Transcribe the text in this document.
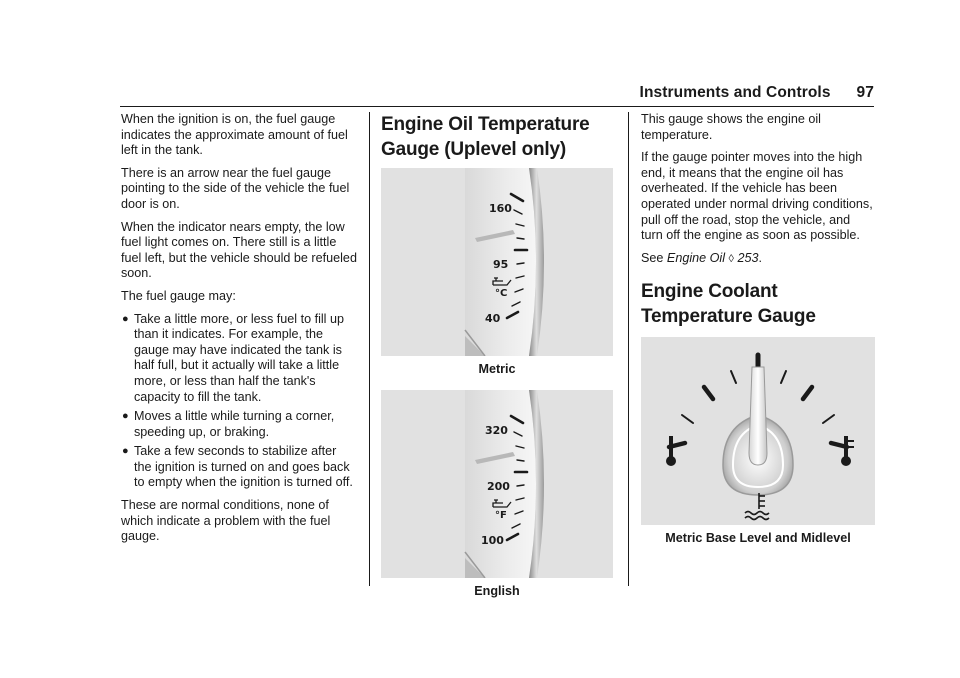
Instruments and Controls 97

When the ignition is on, the fuel gauge indicates the approximate amount of fuel left in the tank.

There is an arrow near the fuel gauge pointing to the side of the vehicle the fuel door is on.

When the indicator nears empty, the low fuel light comes on. There still is a little fuel left, but the vehicle should be refueled soon.

The fuel gauge may:

● Take a little more, or less fuel to fill up than it indicates. For example, the gauge may have indicated the tank is half full, but it actually will take a little more, or less than half the tank's capacity to fill the tank.
● Moves a little while turning a corner, speeding up, or braking.
● Take a few seconds to stabilize after the ignition is turned on and goes back to empty when the ignition is turned off.

These are normal conditions, none of which indicate a problem with the fuel gauge.

Engine Oil Temperature Gauge (Uplevel only)
160
95
40
°C
Metric
320
200
100
°F
English

This gauge shows the engine oil temperature.

If the gauge pointer moves into the high end, it means that the engine oil has overheated. If the vehicle has been operated under normal driving conditions, pull off the road, stop the vehicle, and turn off the engine as soon as possible.

See Engine Oil ◊ 253.

Engine Coolant Temperature Gauge
Metric Base Level and Midlevel
